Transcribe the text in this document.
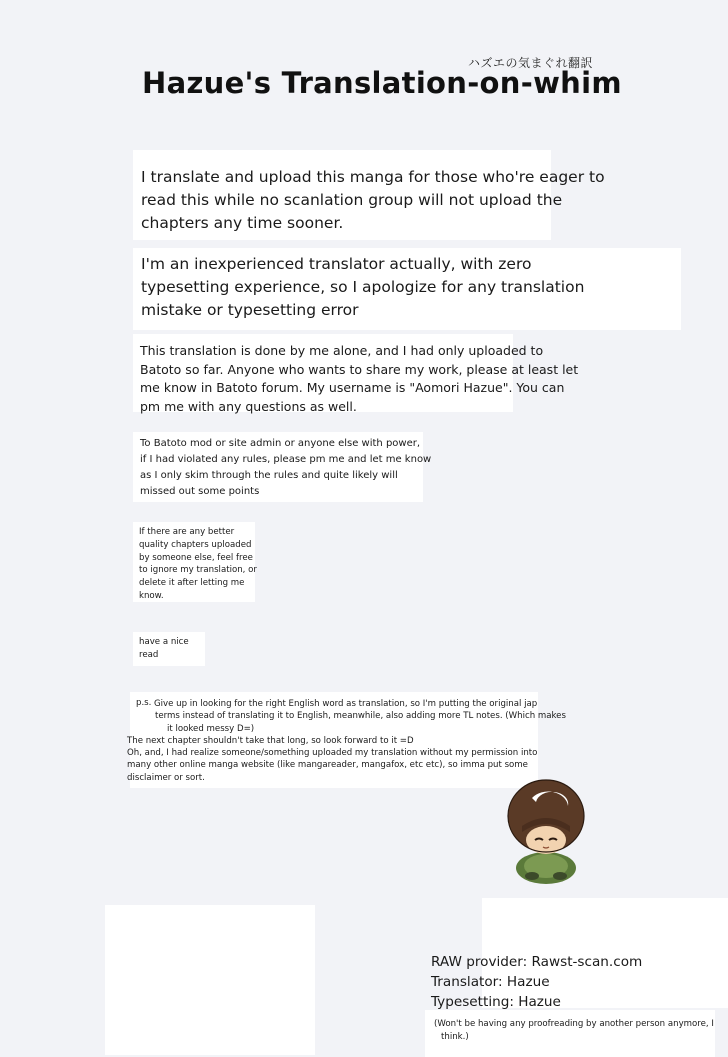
ハズエの気まぐれ翻訳
Hazue's Translation-on-whim
I translate and upload this manga for those who're eager to
read this while no scanlation group will not upload the
chapters any time sooner.
I'm an inexperienced translator actually, with zero
typesetting experience, so I apologize for any translation
mistake or typesetting error
This translation is done by me alone, and I had only uploaded to
Batoto so far. Anyone who wants to share my work, please at least let
me know in Batoto forum. My username is "Aomori Hazue". You can
pm me with any questions as well.
To Batoto mod or site admin or anyone else with power,
if I had violated any rules, please pm me and let me know
as I only skim through the rules and quite likely will
missed out some points
If there are any better
quality chapters uploaded
by someone else, feel free
to ignore my translation, or
delete it after letting me
know.
have a nice
read
p.s. Give up in looking for the right English word as translation, so I'm putting the original jap
terms instead of translating it to English, meanwhile, also adding more TL notes. (Which makes
it looked messy D=)
The next chapter shouldn't take that long, so look forward to it =D
Oh, and, I had realize someone/something uploaded my translation without my permission into
many other online manga website (like mangareader, mangafox, etc etc), so imma put some
disclaimer or sort.
RAW provider: Rawst-scan.com
Translator: Hazue
Typesetting: Hazue
(Won't be having any proofreading by another person anymore, I
think.)
